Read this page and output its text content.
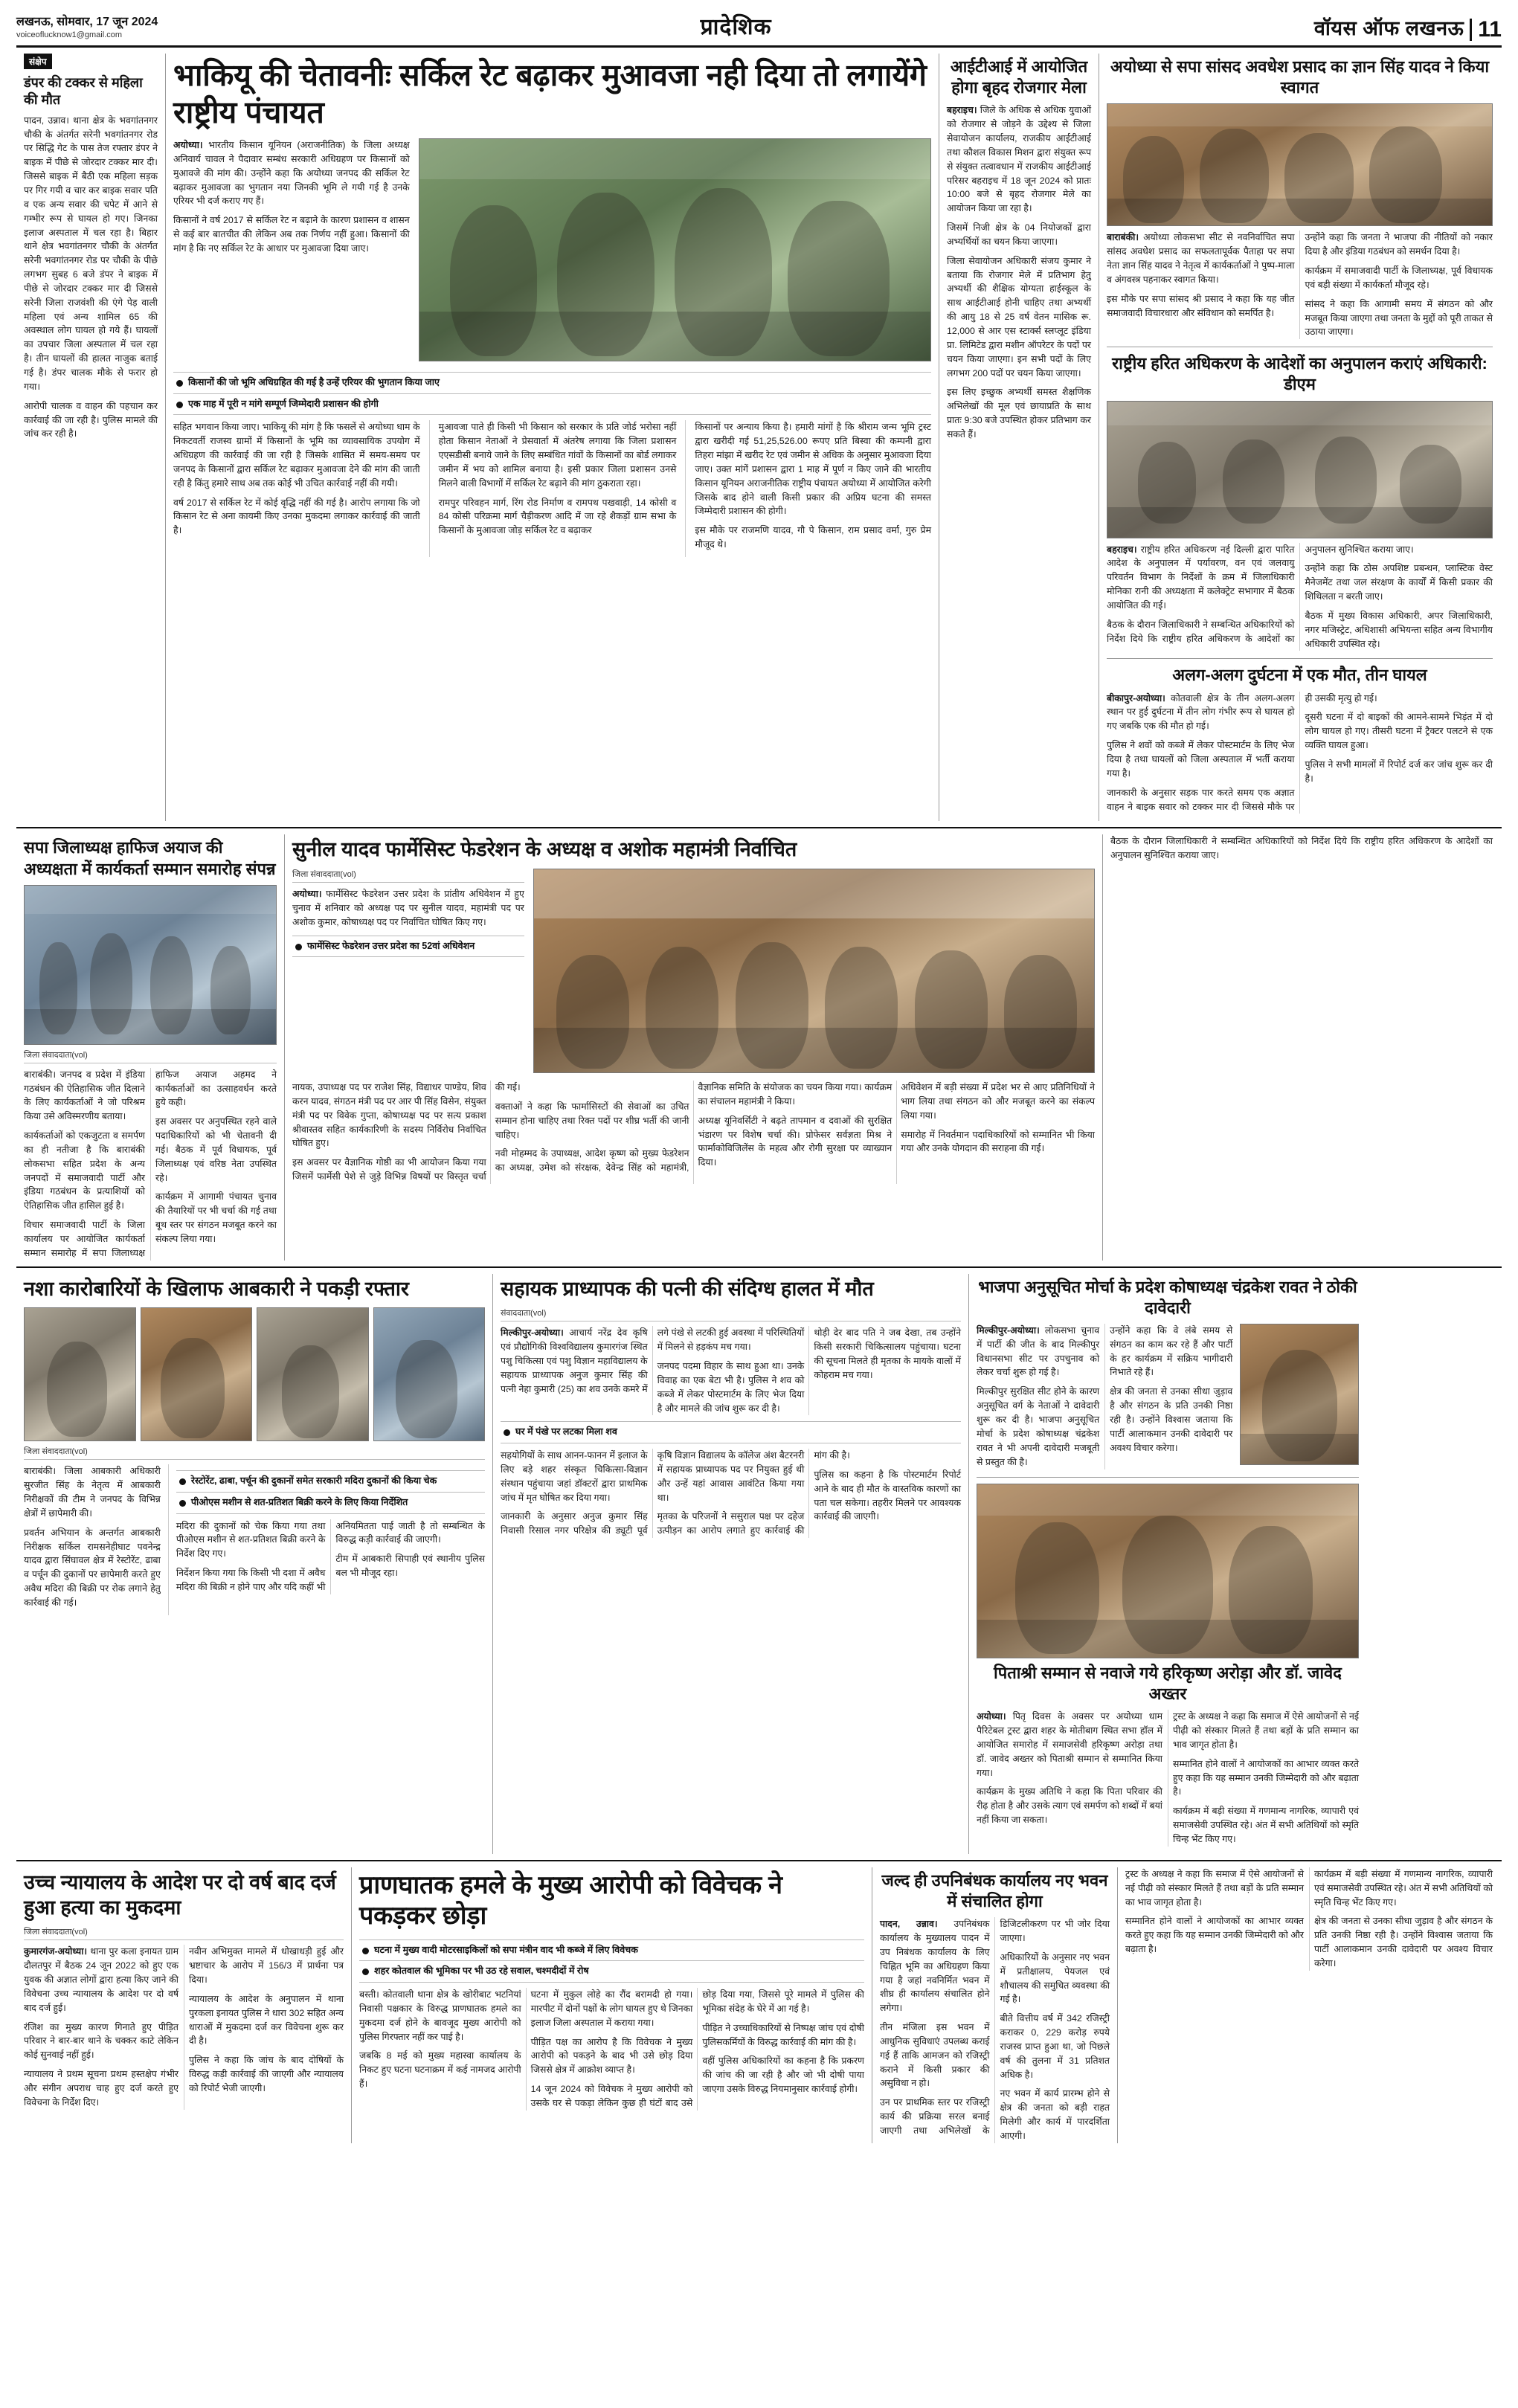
लखनऊ, सोमवार, 17 जून 2024
voiceoflucknow1@gmail.com	प्रादेशिक	वॉयस ऑफ लखनऊ 11
संक्षेप
डंपर की टक्कर से महिला की मौत

पादन, उन्नाव। थाना क्षेत्र के भवगांतनगर चौकी के अंतर्गत सरेनी भवगांतनगर रोड पर सिद्धि गेट के पास तेज रफ्तार डंपर ने बाइक में पीछे से जोरदार टक्कर मार दी। जिससे बाइक में बैठी एक महिला सड़क पर गिर गयी व चार कर बाइक सवार पति व एक अन्य सवार की चपेट में आने से गम्भीर रूप से घायल हो गए। जिनका इलाज अस्पताल में चल रहा है। बिहार थाने क्षेत्र भवगांतनगर चौकी के अंतर्गत सरेनी भवगांतनगर रोड पर चौकी के पीछे लगभग सुबह 6 बजे डंपर ने बाइक में पीछे से जोरदार टक्कर मार दी जिससे सरेनी जिला राजवंशी की एंगे पेड़ वाली महिला एवं अन्य शामिल 65 की अवस्थाल लोग घायल हो गये हैं। घायलों का उपचार जिला अस्पताल में चल रहा है। तीन घायलों की हालत नाजुक बताई गई है। डंपर चालक मौके से फरार हो गया।

आरोपी चालक व वाहन की पहचान कर कार्रवाई की जा रही है। पुलिस मामले की जांच कर रही है।

भाकियू की चेतावनीः सर्किल रेट बढ़ाकर मुआवजा नही दिया तो लगायेंगे राष्ट्रीय पंचायत

अयोध्या। भारतीय किसान यूनियन (अराजनीतिक) के जिला अध्यक्ष अनिवार्य चावल ने पैदावार सम्बंध सरकारी अधिग्रहण पर किसानों को मुआवजे की मांग की। उन्होंने कहा कि अयोध्या जनपद की सर्किल रेट बढ़ाकर मुआवजा का भुगतान नया जिनकी भूमि ले गयी गई है उनके एरियर भी दर्ज कराए गए हैं।

किसानों ने वर्ष 2017 से सर्किल रेट न बढ़ाने के कारण प्रशासन व शासन से कई बार बातचीत की लेकिन अब तक निर्णय नहीं हुआ। किसानों की मांग है कि नए सर्किल रेट के आधार पर मुआवजा दिया जाए।

किसानों की जो भूमि अधिग्रहित की गई है उन्हें एरियर की भुगतान किया जाए
एक माह में पूरी न मांगे सम्पूर्ण जिम्मेदारी प्रशासन की होगी

सहित भगवान किया जाए। भाकियू की मांग है कि फसलें से अयोध्या धाम के निकटवर्ती राजस्व ग्रामों में किसानों के भूमि का व्यावसायिक उपयोग में अधिग्रहण की कार्रवाई की जा रही है जिसके शासित में समय-समय पर जनपद के किसानों द्वारा सर्किल रेट बढ़ाकर मुआवजा देने की मांग की जाती रही है किंतु हमारे साथ अब तक कोई भी उचित कार्रवाई नहीं की गयी।

वर्ष 2017 से सर्किल रेट में कोई वृद्धि नहीं की गई है। आरोप लगाया कि जो किसान रेट से अना कायमी किए उनका मुकदमा लगाकर कार्रवाई की जाती है।

मुआवजा पाते ही किसी भी किसान को सरकार के प्रति जोर्ड भरोसा नहीं होता किसान नेताओं ने प्रेसवार्ता में अंतरेष लगाया कि जिला प्रशासन एएसडीसी बनाये जाने के लिए सम्बंधित गांवों के किसानों का बोर्ड लगाकर जमीन में भय को शामिल बनाया है। इसी प्रकार जिला प्रशासन उनसे मिलने वाली विभागों में सर्किल रेट बढ़ाने की मांग ठुकराता रहा।

रामपुर परिवहन मार्ग, रिंग रोड निर्माण व रामपथ पखवाड़ी, 14 कोसी व 84 कोसी परिक्रमा मार्ग चैड़ीकरण आदि में जा रहे शैकड़ों ग्राम सभा के किसानों के मुआवजा जोड़ सर्किल रेट व बढ़ाकर

किसानों पर अन्याय किया है। हमारी मांगों है कि श्रीराम जन्म भूमि ट्रस्ट द्वारा खरीदी गई 51,25,526.00 रूपए प्रति बिस्वा की कम्पनी द्वारा तिहरा मांझा में खरीद रेट एवं जमीन से अधिक के अनुसार मुआवजा दिया जाए। उक्त मांगें प्रशासन द्वारा 1 माह में पूर्ण न किए जाने की भारतीय किसान यूनियन अराजनीतिक राष्ट्रीय पंचायत अयोध्या में आयोजित करेगी जिसके बाद होने वाली किसी प्रकार की अप्रिय घटना की समस्त जिम्मेदारी प्रशासन की होगी।

इस मौके पर राजमणि यादव, गौ पे किसान, राम प्रसाद वर्मा, गुरु प्रेम मौजूद थे।

आईटीआई में आयोजित होगा बृहद रोजगार मेला

बहराइच। जिले के अधिक से अधिक युवाओं को रोजगार से जोड़ने के उद्देश्य से जिला सेवायोजन कार्यालय, राजकीय आईटीआई तथा कौशल विकास मिशन द्वारा संयुक्त रूप से संयुक्त तत्वावधान में राजकीय आईटीआई परिसर बहराइच में 18 जून 2024 को प्रातः 10:00 बजे से बृहद रोजगार मेले का आयोजन किया जा रहा है।

जिसमें निजी क्षेत्र के 04 नियोजकों द्वारा अभ्यर्थियों का चयन किया जाएगा।

जिला सेवायोजन अधिकारी संजय कुमार ने बताया कि रोजगार मेले में प्रतिभाग हेतु अभ्यर्थी की शैक्षिक योग्यता हाईस्कूल के साथ आईटीआई होनी चाहिए तथा अभ्यर्थी की आयु 18 से 25 वर्ष वेतन मासिक रू. 12,000 से आर एस स्टार्क्स स्लप्लूट इंडिया प्रा. लिमिटेड द्वारा मशीन ऑपरेटर के पदों पर चयन किया जाएगा। इन सभी पदों के लिए लगभग 200 पदों पर चयन किया जाएगा।

इस लिए इच्छुक अभ्यर्थी समस्त शैक्षणिक अभिलेखों की मूल एवं छायाप्रति के साथ प्रातः 9:30 बजे उपस्थित होकर प्रतिभाग कर सकते हैं।

अयोध्या से सपा सांसद अवधेश प्रसाद का ज्ञान सिंह यादव ने किया स्वागत

बाराबंकी। अयोध्या लोकसभा सीट से नवनिर्वाचित सपा सांसद अवधेश प्रसाद का सफलतापूर्वक पैताहा पर सपा नेता ज्ञान सिंह यादव ने नेतृत्व में कार्यकर्ताओं ने पुष्प-माला व अंगवस्त्र पहनाकर स्वागत किया।

इस मौके पर सपा सांसद श्री प्रसाद ने कहा कि यह जीत समाजवादी विचारधारा और संविधान को समर्पित है।

उन्होंने कहा कि जनता ने भाजपा की नीतियों को नकार दिया है और इंडिया गठबंधन को समर्थन दिया है।

कार्यक्रम में समाजवादी पार्टी के जिलाध्यक्ष, पूर्व विधायक एवं बड़ी संख्या में कार्यकर्ता मौजूद रहे।

सांसद ने कहा कि आगामी समय में संगठन को और मजबूत किया जाएगा तथा जनता के मुद्दों को पूरी ताकत से उठाया जाएगा।

राष्ट्रीय हरित अधिकरण के आदेशों का अनुपालन कराएं अधिकारी: डीएम

बहराइच। राष्ट्रीय हरित अधिकरण नई दिल्ली द्वारा पारित आदेश के अनुपालन में पर्यावरण, वन एवं जलवायु परिवर्तन विभाग के निर्देशों के क्रम में जिलाधिकारी मोनिका रानी की अध्यक्षता में कलेक्ट्रेट सभागार में बैठक आयोजित की गई।

बैठक के दौरान जिलाधिकारी ने सम्बन्धित अधिकारियों को निर्देश दिये कि राष्ट्रीय हरित अधिकरण के आदेशों का अनुपालन सुनिश्चित कराया जाए।

उन्होंने कहा कि ठोस अपशिष्ट प्रबन्धन, प्लास्टिक वेस्ट मैनेजमेंट तथा जल संरक्षण के कार्यों में किसी प्रकार की शिथिलता न बरती जाए।

बैठक में मुख्य विकास अधिकारी, अपर जिलाधिकारी, नगर मजिस्ट्रेट, अधिशासी अभियन्ता सहित अन्य विभागीय अधिकारी उपस्थित रहे।

अलग-अलग दुर्घटना में एक मौत, तीन घायल

बीकापुर-अयोध्या। कोतवाली क्षेत्र के तीन अलग-अलग स्थान पर हुई दुर्घटना में तीन लोग गंभीर रूप से घायल हो गए जबकि एक की मौत हो गई।

पुलिस ने शवों को कब्जे में लेकर पोस्टमार्टम के लिए भेज दिया है तथा घायलों को जिला अस्पताल में भर्ती कराया गया है।

जानकारी के अनुसार सड़क पार करते समय एक अज्ञात वाहन ने बाइक सवार को टक्कर मार दी जिससे मौके पर ही उसकी मृत्यु हो गई।

दूसरी घटना में दो बाइकों की आमने-सामने भिड़ंत में दो लोग घायल हो गए। तीसरी घटना में ट्रैक्टर पलटने से एक व्यक्ति घायल हुआ।

पुलिस ने सभी मामलों में रिपोर्ट दर्ज कर जांच शुरू कर दी है।

सपा जिलाध्यक्ष हाफिज अयाज की अध्यक्षता में कार्यकर्ता सम्मान समारोह संपन्न
जिला संवाददाता(vol)

बाराबंकी। जनपद व प्रदेश में इंडिया गठबंधन की ऐतिहासिक जीत दिलाने के लिए कार्यकर्ताओं ने जो परिश्रम किया उसे अविस्मरणीय बताया।

कार्यकर्ताओं को एकजुटता व समर्पण का ही नतीजा है कि बाराबंकी लोकसभा सहित प्रदेश के अन्य जनपदों में समाजवादी पार्टी और इंडिया गठबंधन के प्रत्याशियों को ऐतिहासिक जीत हासिल हुई है।

विचार समाजवादी पार्टी के जिला कार्यालय पर आयोजित कार्यकर्ता सम्मान समारोह में सपा जिलाध्यक्ष हाफिज अयाज अहमद ने कार्यकर्ताओं का उत्साहवर्धन करते हुये कही।

इस अवसर पर अनुपस्थित रहने वाले पदाधिकारियों को भी चेतावनी दी गई। बैठक में पूर्व विधायक, पूर्व जिलाध्यक्ष एवं वरिष्ठ नेता उपस्थित रहे।

कार्यक्रम में आगामी पंचायत चुनाव की तैयारियों पर भी चर्चा की गई तथा बूथ स्तर पर संगठन मजबूत करने का संकल्प लिया गया।

सुनील यादव फार्मेसिस्ट फेडरेशन के अध्यक्ष व अशोक महामंत्री निर्वाचित
जिला संवाददाता(vol)

अयोध्या। फार्मेसिस्ट फेडरेशन उत्तर प्रदेश के प्रांतीय अधिवेशन में हुए चुनाव में शनिवार को अध्यक्ष पद पर सुनील यादव, महामंत्री पद पर अशोक कुमार, कोषाध्यक्ष पद पर निर्वाचित घोषित किए गए।

फार्मेसिस्ट फेडरेशन उत्तर प्रदेश का 52वां अधिवेशन

नायक, उपाध्यक्ष पद पर राजेश सिंह, विद्याधर पाण्डेय, शिव करन यादव, संगठन मंत्री पद पर आर पी सिंह विसेन, संयुक्त मंत्री पद पर विवेक गुप्ता, कोषाध्यक्ष पद पर सत्य प्रकाश श्रीवास्तव सहित कार्यकारिणी के सदस्य निर्विरोध निर्वाचित घोषित हुए।

इस अवसर पर वैज्ञानिक गोष्ठी का भी आयोजन किया गया जिसमें फार्मेसी पेशे से जुड़े विभिन्न विषयों पर विस्तृत चर्चा की गई।

वक्ताओं ने कहा कि फार्मासिस्टों की सेवाओं का उचित सम्मान होना चाहिए तथा रिक्त पदों पर शीघ्र भर्ती की जानी चाहिए।

नवी मोहम्मद के उपाध्यक्ष, आदेश कृष्ण को मुख्य फेडरेशन का अध्यक्ष, उमेश को संरक्षक, देवेन्द्र सिंह को महामंत्री, वैज्ञानिक समिति के संयोजक का चयन किया गया। कार्यक्रम का संचालन महामंत्री ने किया।

अध्यक्ष यूनिवर्सिटी ने बढ़ते तापमान व दवाओं की सुरक्षित भंडारण पर विशेष चर्चा की। प्रोफेसर सर्वज्ञता मिश्र ने फार्माकोविजिलेंस के महत्व और रोगी सुरक्षा पर व्याख्यान दिया।

अधिवेशन में बड़ी संख्या में प्रदेश भर से आए प्रतिनिधियों ने भाग लिया तथा संगठन को और मजबूत करने का संकल्प लिया गया।

समारोह में निवर्तमान पदाधिकारियों को सम्मानित भी किया गया और उनके योगदान की सराहना की गई।

बैठक के दौरान जिलाधिकारी ने सम्बन्धित अधिकारियों को निर्देश दिये कि राष्ट्रीय हरित अधिकरण के आदेशों का अनुपालन सुनिश्चित कराया जाए।

नशा कारोबारियों के खिलाफ आबकारी ने पकड़ी रफ्तार
जिला संवाददाता(vol)

बाराबंकी। जिला आबकारी अधिकारी सुरजीत सिंह के नेतृत्व में आबकारी निरीक्षकों की टीम ने जनपद के विभिन्न क्षेत्रों में छापेमारी की।

प्रवर्तन अभियान के अन्तर्गत आबकारी निरीक्षक सर्किल रामसनेहीघाट पवनेन्द्र यादव द्वारा सिंघावल क्षेत्र में रेस्टोरेंट, ढाबा व पर्चून की दुकानों पर छापेमारी करते हुए अवैध मदिरा की बिक्री पर रोक लगाने हेतु कार्रवाई की गई।

रेस्टोरेंट, ढाबा, पर्चून की दुकानों समेत सरकारी मदिरा दुकानों की किया चेक
पीओएस मशीन से शत-प्रतिशत बिक्री करने के लिए किया निर्देशित

मदिरा की दुकानों को चेक किया गया तथा पीओएस मशीन से शत-प्रतिशत बिक्री करने के निर्देश दिए गए।

निर्देशन किया गया कि किसी भी दशा में अवैध मदिरा की बिक्री न होने पाए और यदि कहीं भी अनियमितता पाई जाती है तो सम्बन्धित के विरुद्ध कड़ी कार्रवाई की जाएगी।

टीम में आबकारी सिपाही एवं स्थानीय पुलिस बल भी मौजूद रहा।

सहायक प्राध्यापक की पत्नी की संदिग्ध हालत में मौत
संवाददाता(vol)

मिल्कीपुर-अयोध्या। आचार्य नरेंद्र देव कृषि एवं प्रौद्योगिकी विश्वविद्यालय कुमारगंज स्थित पशु चिकित्सा एवं पशु विज्ञान महाविद्यालय के सहायक प्राध्यापक अनुज कुमार सिंह की पत्नी नेहा कुमारी (25) का शव उनके कमरे में लगे पंखे से लटकी हुई अवस्था में परिस्थितियों में मिलने से हड़कंप मच गया।

जनपद पदमा विहार के साथ हुआ था। उनके विवाह का एक बेटा भी है। पुलिस ने शव को कब्जे में लेकर पोस्टमार्टम के लिए भेज दिया है और मामले की जांच शुरू कर दी है।

थोड़ी देर बाद पति ने जब देखा, तब उन्होंने किसी सरकारी चिकित्सालय पहुंचाया। घटना की सूचना मिलते ही मृतका के मायके वालों में कोहराम मच गया।

घर में पंखे पर लटका मिला शव

सहयोगियों के साथ आनन-फानन में इलाज के लिए बड़े शहर संस्कृत चिकित्सा-विज्ञान संस्थान पहुंचाया जहां डॉक्टरों द्वारा प्राथमिक जांच में मृत घोषित कर दिया गया।

जानकारी के अनुसार अनुज कुमार सिंह निवासी रिसाल नगर परिक्षेत्र की ड्यूटी पूर्व कृषि विज्ञान विद्यालय के कॉलेज अंश बैटरनरी में सहायक प्राध्यापक पद पर नियुक्त हुई थी और उन्हें यहां आवास आवंटित किया गया था।

मृतका के परिजनों ने ससुराल पक्ष पर दहेज उत्पीड़न का आरोप लगाते हुए कार्रवाई की मांग की है।

पुलिस का कहना है कि पोस्टमार्टम रिपोर्ट आने के बाद ही मौत के वास्तविक कारणों का पता चल सकेगा। तहरीर मिलने पर आवश्यक कार्रवाई की जाएगी।

भाजपा अनुसूचित मोर्चा के प्रदेश कोषाध्यक्ष चंद्रकेश रावत ने ठोकी दावेदारी

मिल्कीपुर-अयोध्या। लोकसभा चुनाव में पार्टी की जीत के बाद मिल्कीपुर विधानसभा सीट पर उपचुनाव को लेकर चर्चा शुरू हो गई है।

मिल्कीपुर सुरक्षित सीट होने के कारण अनुसूचित वर्ग के नेताओं ने दावेदारी शुरू कर दी है। भाजपा अनुसूचित मोर्चा के प्रदेश कोषाध्यक्ष चंद्रकेश रावत ने भी अपनी दावेदारी मजबूती से प्रस्तुत की है।

उन्होंने कहा कि वे लंबे समय से संगठन का काम कर रहे हैं और पार्टी के हर कार्यक्रम में सक्रिय भागीदारी निभाते रहे हैं।

क्षेत्र की जनता से उनका सीधा जुड़ाव है और संगठन के प्रति उनकी निष्ठा रही है। उन्होंने विश्वास जताया कि पार्टी आलाकमान उनकी दावेदारी पर अवश्य विचार करेगा।

पिताश्री सम्मान से नवाजे गये हरिकृष्ण अरोड़ा और डॉ. जावेद अख्तर

अयोध्या। पितृ दिवस के अवसर पर अयोध्या धाम पैरिटेबल ट्रस्ट द्वारा शहर के मोतीबाग स्थित सभा हॉल में आयोजित समारोह में समाजसेवी हरिकृष्ण अरोड़ा तथा डॉ. जावेद अख्तर को पिताश्री सम्मान से सम्मानित किया गया।

कार्यक्रम के मुख्य अतिथि ने कहा कि पिता परिवार की रीढ़ होता है और उसके त्याग एवं समर्पण को शब्दों में बयां नहीं किया जा सकता।

ट्रस्ट के अध्यक्ष ने कहा कि समाज में ऐसे आयोजनों से नई पीढ़ी को संस्कार मिलते हैं तथा बड़ों के प्रति सम्मान का भाव जागृत होता है।

सम्मानित होने वालों ने आयोजकों का आभार व्यक्त करते हुए कहा कि यह सम्मान उनकी जिम्मेदारी को और बढ़ाता है।

कार्यक्रम में बड़ी संख्या में गणमान्य नागरिक, व्यापारी एवं समाजसेवी उपस्थित रहे। अंत में सभी अतिथियों को स्मृति चिन्ह भेंट किए गए।

उच्च न्यायालय के आदेश पर दो वर्ष बाद दर्ज हुआ हत्या का मुकदमा
जिला संवाददाता(vol)

कुमारगंज-अयोध्या। थाना पुर कला इनायत ग्राम दौलतपुर में बैठक 24 जून 2022 को हुए एक युवक की अज्ञात लोगों द्वारा हत्या किए जाने की विवेचना उच्च न्यायालय के आदेश पर दो वर्ष बाद दर्ज हुई।

रंजिश का मुख्य कारण गिनाते हुए पीड़ित परिवार ने बार-बार थाने के चक्कर काटे लेकिन कोई सुनवाई नहीं हुई।

न्यायालय ने प्रथम सूचना प्रथम हस्तक्षेप गंभीर और संगीन अपराध चाह हुए दर्ज करते हुए विवेचना के निर्देश दिए।

नवीन अभिमुक्त मामले में धोखाधड़ी हुई और भ्रष्टाचार के आरोप में 156/3 में प्रार्थना पत्र दिया।

न्यायालय के आदेश के अनुपालन में थाना पुरकला इनायत पुलिस ने धारा 302 सहित अन्य धाराओं में मुकदमा दर्ज कर विवेचना शुरू कर दी है।

पुलिस ने कहा कि जांच के बाद दोषियों के विरुद्ध कड़ी कार्रवाई की जाएगी और न्यायालय को रिपोर्ट भेजी जाएगी।

प्राणघातक हमले के मुख्य आरोपी को विवेचक ने पकड़कर छोड़ा
घटना में मुख्य वादी मोटरसाइकिलों को सपा मंत्रीन वाद भी कब्जे में लिए विवेचक
शहर कोतवाल की भूमिका पर भी उठ रहे सवाल, चश्मदीदों में रोष

बस्ती। कोतवाली थाना क्षेत्र के खोरीबाट भटनियां निवासी पक्षकार के विरुद्ध प्राणघातक हमले का मुकदमा दर्ज होने के बावजूद मुख्य आरोपी को पुलिस गिरफ्तार नहीं कर पाई है।

जबकि 8 मई को मुख्य महास्वा कार्यालय के निकट हुए घटना घटनाक्रम में कई नामजद आरोपी हैं।

घटना में मुकुल लोहे का रौंद बरामदी हो गया। मारपीट में दोनों पक्षों के लोग घायल हुए थे जिनका इलाज जिला अस्पताल में कराया गया।

पीड़ित पक्ष का आरोप है कि विवेचक ने मुख्य आरोपी को पकड़ने के बाद भी उसे छोड़ दिया जिससे क्षेत्र में आक्रोश व्याप्त है।

14 जून 2024 को विवेचक ने मुख्य आरोपी को उसके घर से पकड़ा लेकिन कुछ ही घंटों बाद उसे छोड़ दिया गया, जिससे पूरे मामले में पुलिस की भूमिका संदेह के घेरे में आ गई है।

पीड़ित ने उच्चाधिकारियों से निष्पक्ष जांच एवं दोषी पुलिसकर्मियों के विरुद्ध कार्रवाई की मांग की है।

वहीं पुलिस अधिकारियों का कहना है कि प्रकरण की जांच की जा रही है और जो भी दोषी पाया जाएगा उसके विरुद्ध नियमानुसार कार्रवाई होगी।

जल्द ही उपनिबंधक कार्यालय नए भवन में संचालित होगा

पादन, उन्नाव। उपनिबंधक कार्यालय के मुख्यालय पादन में उप निबंधक कार्यालय के लिए चिह्नित भूमि का अधिग्रहण किया गया है जहां नवनिर्मित भवन में शीघ्र ही कार्यालय संचालित होने लगेगा।

तीन मंजिला इस भवन में आधुनिक सुविधाएं उपलब्ध कराई गई हैं ताकि आमजन को रजिस्ट्री कराने में किसी प्रकार की असुविधा न हो।

उन पर प्राथमिक स्तर पर रजिस्ट्री कार्य की प्रक्रिया सरल बनाई जाएगी तथा अभिलेखों के डिजिटलीकरण पर भी जोर दिया जाएगा।

अधिकारियों के अनुसार नए भवन में प्रतीक्षालय, पेयजल एवं शौचालय की समुचित व्यवस्था की गई है।

बीते वित्तीय वर्ष में 342 रजिस्ट्री कराकर 0, 229 करोड़ रुपये राजस्व प्राप्त हुआ था, जो पिछले वर्ष की तुलना में 31 प्रतिशत अधिक है।

नए भवन में कार्य प्रारम्भ होने से क्षेत्र की जनता को बड़ी राहत मिलेगी और कार्य में पारदर्शिता आएगी।

ट्रस्ट के अध्यक्ष ने कहा कि समाज में ऐसे आयोजनों से नई पीढ़ी को संस्कार मिलते हैं तथा बड़ों के प्रति सम्मान का भाव जागृत होता है।

सम्मानित होने वालों ने आयोजकों का आभार व्यक्त करते हुए कहा कि यह सम्मान उनकी जिम्मेदारी को और बढ़ाता है।

कार्यक्रम में बड़ी संख्या में गणमान्य नागरिक, व्यापारी एवं समाजसेवी उपस्थित रहे। अंत में सभी अतिथियों को स्मृति चिन्ह भेंट किए गए।

क्षेत्र की जनता से उनका सीधा जुड़ाव है और संगठन के प्रति उनकी निष्ठा रही है। उन्होंने विश्वास जताया कि पार्टी आलाकमान उनकी दावेदारी पर अवश्य विचार करेगा।
